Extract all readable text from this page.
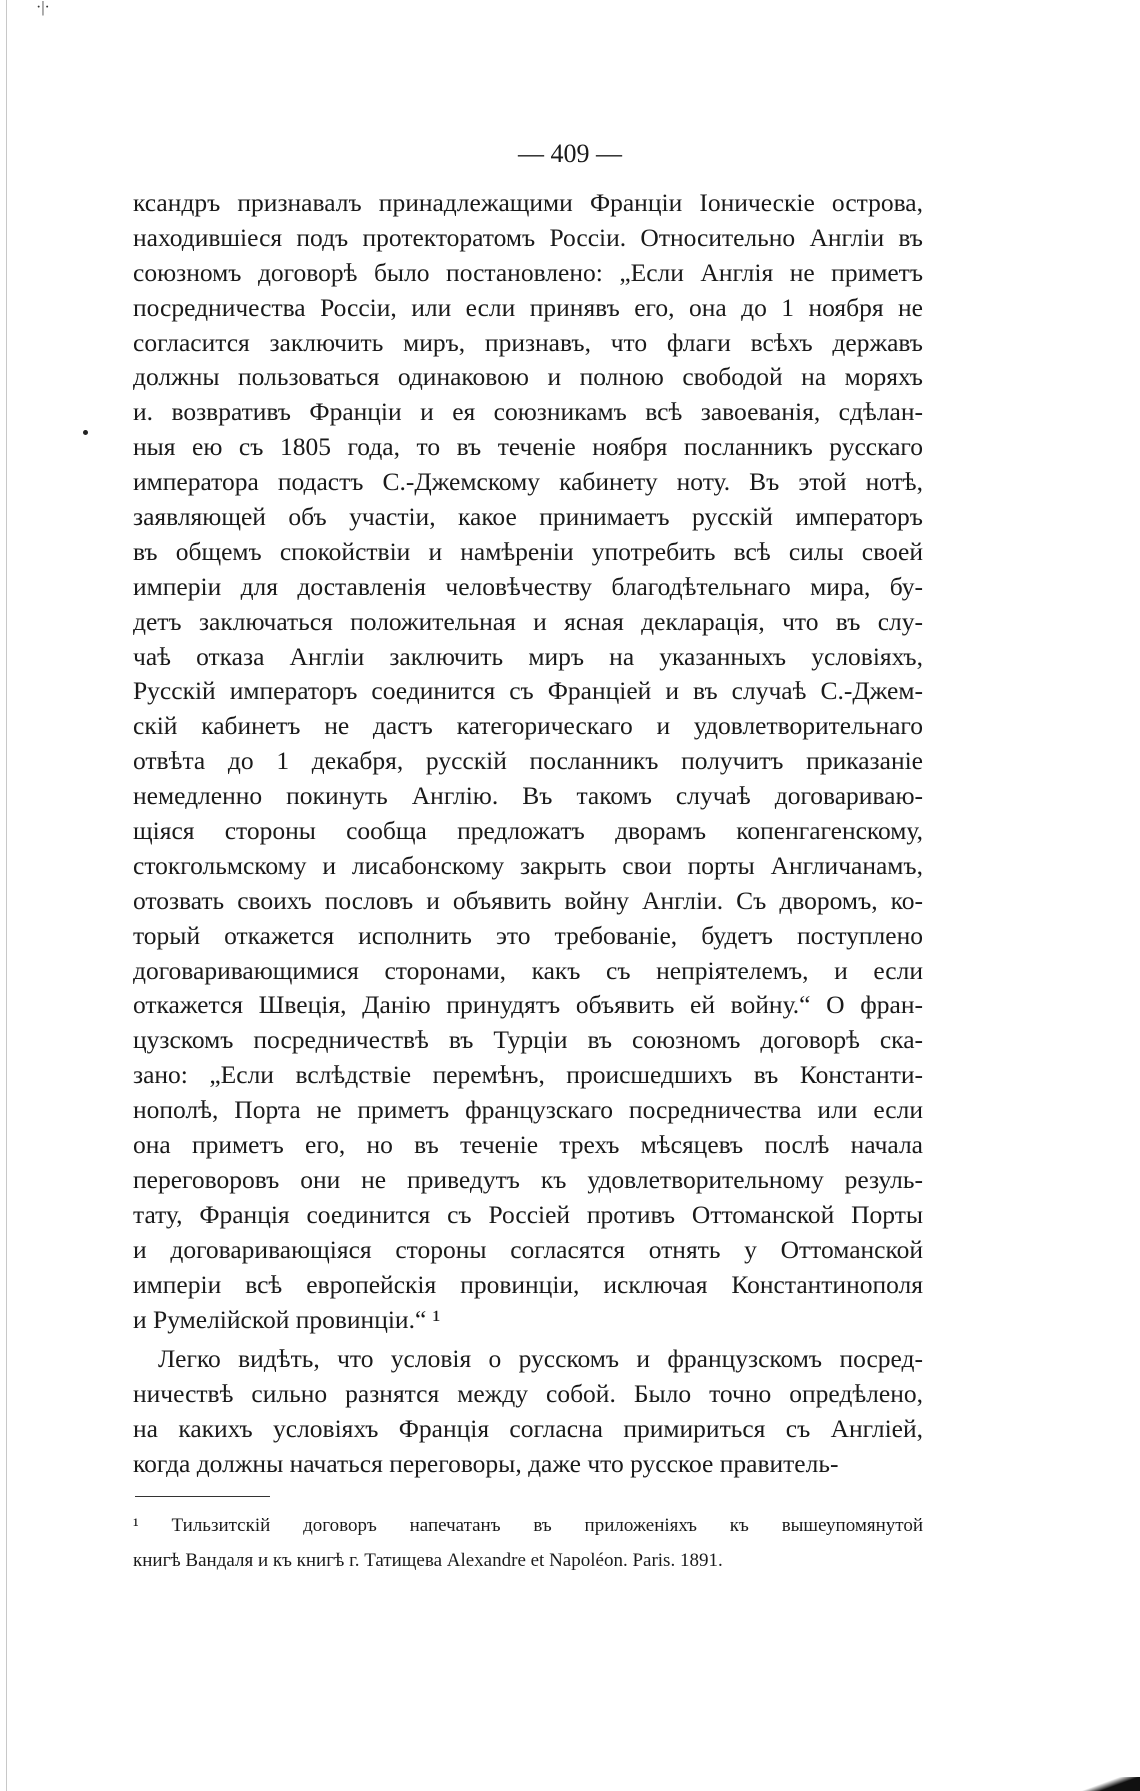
·|·
— 409 —
ксандръ признавалъ принадлежащими Франціи Іоническіе острова,
находившіеся подъ протекторатомъ Россіи. Относительно Англіи въ
союзномъ договорѣ было постановлено: „Если Англія не приметъ
посредничества Россіи, или если принявъ его, она до 1 ноября не
согласится заключить миръ, признавъ, что флаги всѣхъ державъ
должны пользоваться одинаковою и полною свободой на моряхъ
и. возвративъ Франціи и ея союзникамъ всѣ завоеванія, сдѣлан-
ныя ею съ 1805 года, то въ теченіе ноября посланникъ русскаго
императора подастъ С.-Джемскому кабинету ноту. Въ этой нотѣ,
заявляющей объ участіи, какое принимаетъ русскій императоръ
въ общемъ спокойствіи и намѣреніи употребить всѣ силы своей
имперіи для доставленія человѣчеству благодѣтельнаго мира, бу-
детъ заключаться положительная и ясная декларація, что въ слу-
чаѣ отказа Англіи заключить миръ на указанныхъ условіяхъ,
Русскій императоръ соединится съ Франціей и въ случаѣ С.-Джем-
скій кабинетъ не дастъ категорическаго и удовлетворительнаго
отвѣта до 1 декабря, русскій посланникъ получитъ приказаніе
немедленно покинуть Англію. Въ такомъ случаѣ договариваю-
щіяся стороны сообща предложатъ дворамъ копенгагенскому,
стокгольмскому и лисабонскому закрыть свои порты Англичанамъ,
отозвать своихъ пословъ и объявить войну Англіи. Съ дворомъ, ко-
торый откажется исполнить это требованіе, будетъ поступлено
договаривающимися сторонами, какъ съ непріятелемъ, и если
откажется Швеція, Данію принудятъ объявить ей войну.“ О фран-
цузскомъ посредничествѣ въ Турціи въ союзномъ договорѣ ска-
зано: „Если вслѣдствіе перемѣнъ, происшедшихъ въ Константи-
нополѣ, Порта не приметъ французскаго посредничества или если
она приметъ его, но въ теченіе трехъ мѣсяцевъ послѣ начала
переговоровъ они не приведутъ къ удовлетворительному резуль-
тату, Франція соединится съ Россіей противъ Оттоманской Порты
и договаривающіяся стороны согласятся отнять у Оттоманской
имперіи всѣ европейскія провинціи, исключая Константинополя
и Румелійской провинціи.“ ¹
Легко видѣть, что условія о русскомъ и французскомъ посред-
ничествѣ сильно разнятся между собой. Было точно опредѣлено,
на какихъ условіяхъ Франція согласна примириться съ Англіей,
когда должны начаться переговоры, даже что русское правитель-
¹ Тильзитскій договоръ напечатанъ въ приложеніяхъ къ вышеупомянутой
книгѣ Вандаля и къ книгѣ г. Татищева Alexandre et Napoléon. Paris. 1891.
